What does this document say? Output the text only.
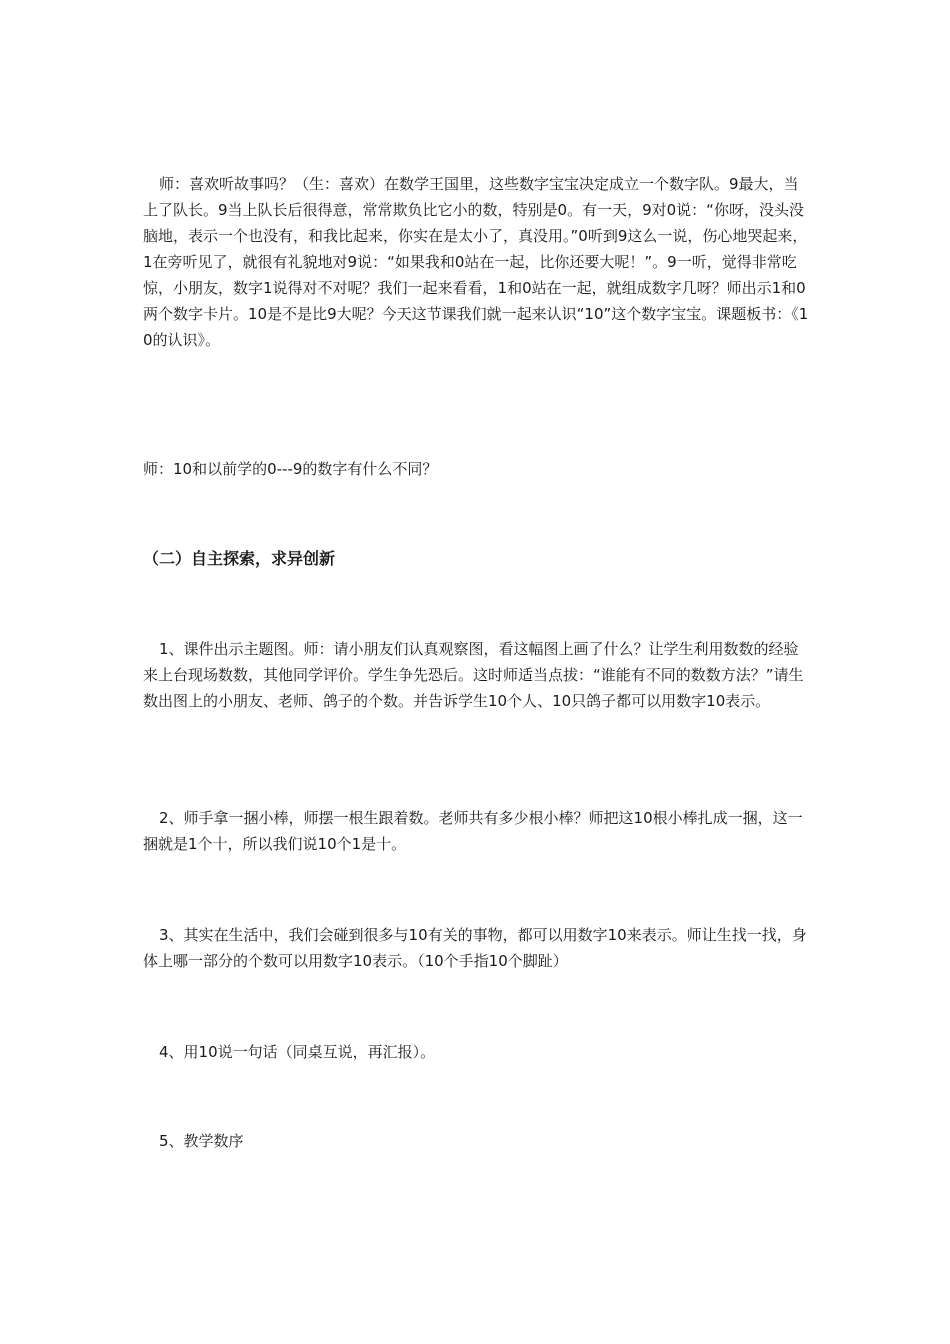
师：喜欢听故事吗？（生：喜欢）在数学王国里，这些数字宝宝决定成立一个数字队。9最大，当上了队长。9当上队长后很得意，常常欺负比它小的数，特别是0。有一天，9对0说：“你呀，没头没脑地，表示一个也没有，和我比起来，你实在是太小了，真没用。”0听到9这么一说，伤心地哭起来，1在旁听见了，就很有礼貌地对9说：“如果我和0站在一起，比你还要大呢！”。9一听，觉得非常吃惊，小朋友，数字1说得对不对呢？我们一起来看看，1和0站在一起，就组成数字几呀？师出示1和0两个数字卡片。10是不是比9大呢？今天这节课我们就一起来认识“10”这个数字宝宝。课题板书：《10的认识》。

师：10和以前学的0---9的数字有什么不同？

（二）自主探索，求异创新

1、课件出示主题图。师：请小朋友们认真观察图，看这幅图上画了什么？让学生利用数数的经验来上台现场数数，其他同学评价。学生争先恐后。这时师适当点拔：“谁能有不同的数数方法？”请生数出图上的小朋友、老师、鸽子的个数。并告诉学生10个人、10只鸽子都可以用数字10表示。

2、师手拿一捆小棒，师摆一根生跟着数。老师共有多少根小棒？师把这10根小棒扎成一捆，这一捆就是1个十，所以我们说10个1是十。

3、其实在生活中，我们会碰到很多与10有关的事物，都可以用数字10来表示。师让生找一找，身体上哪一部分的个数可以用数字10表示。（10个手指10个脚趾）

4、用10说一句话（同桌互说，再汇报）。

5、教学数序
